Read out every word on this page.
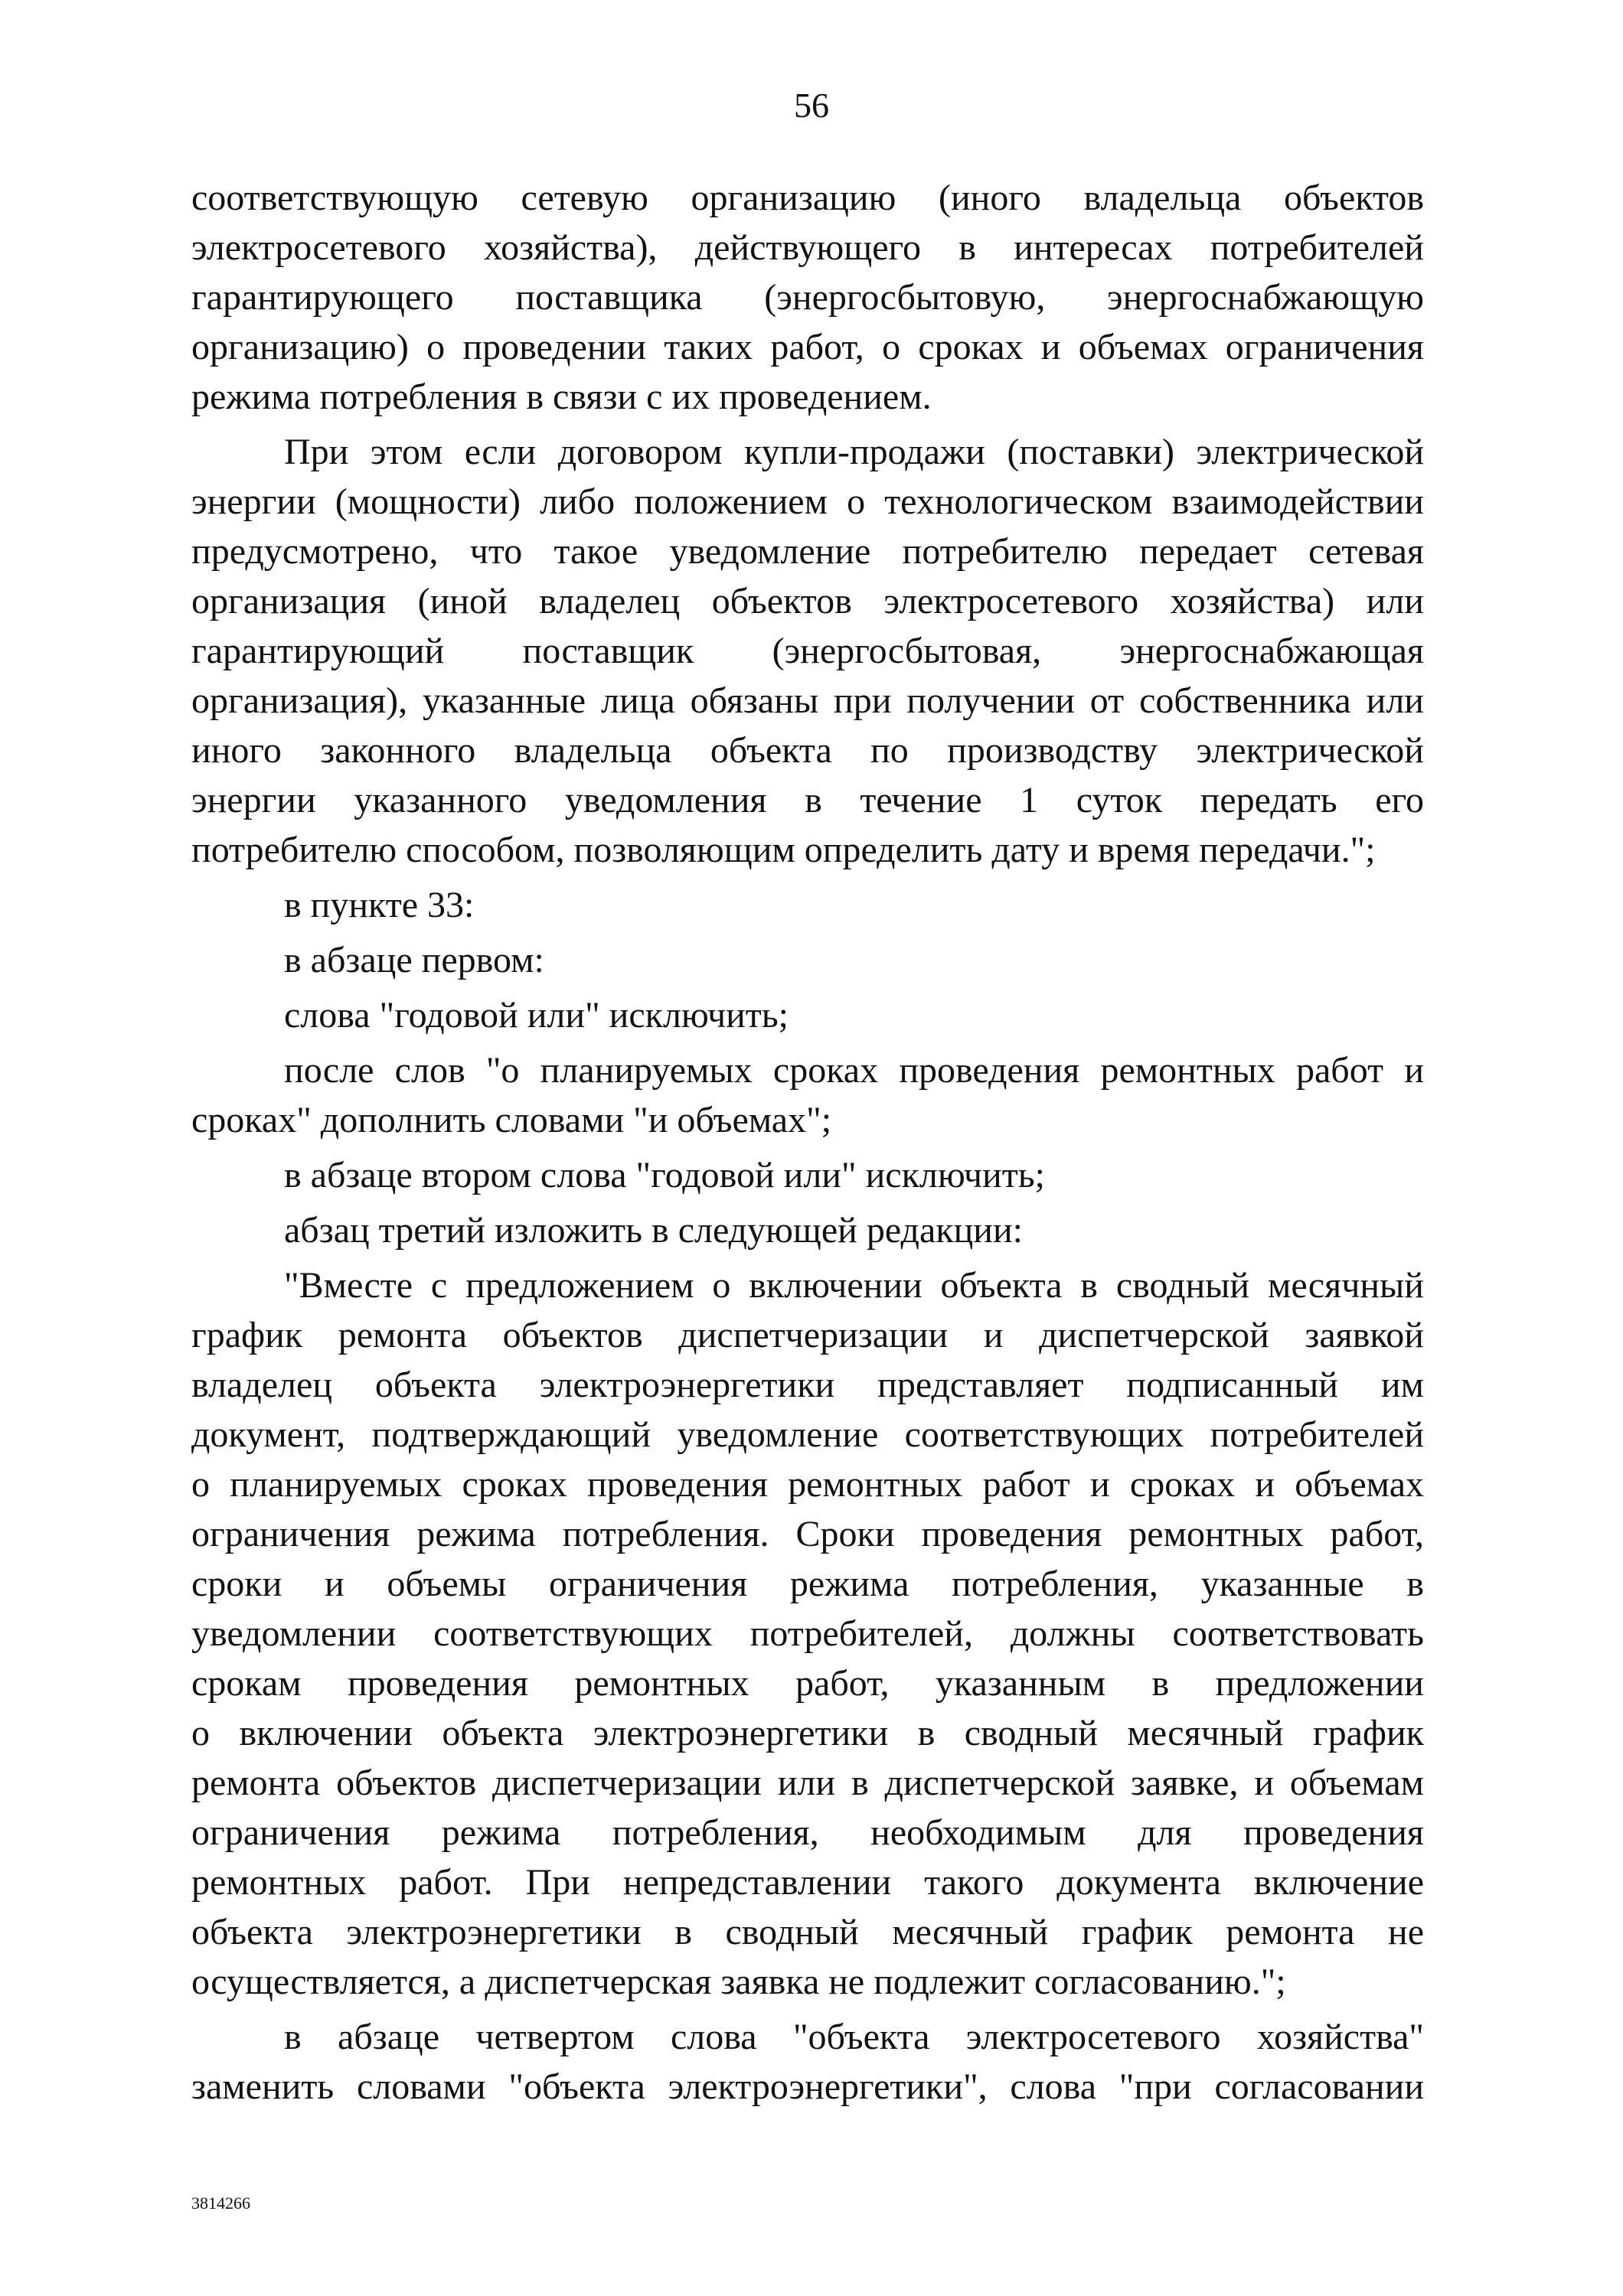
56

соответствующую сетевую организацию (иного владельца объектов
электросетевого хозяйства), действующего в интересах потребителей
гарантирующего поставщика (энергосбытовую, энергоснабжающую
организацию) о проведении таких работ, о сроках и объемах ограничения
режима потребления в связи с их проведением.

При этом если договором купли-продажи (поставки) электрической
энергии (мощности) либо положением о технологическом взаимодействии
предусмотрено, что такое уведомление потребителю передает сетевая
организация (иной владелец объектов электросетевого хозяйства) или
гарантирующий поставщик (энергосбытовая, энергоснабжающая
организация), указанные лица обязаны при получении от собственника или
иного законного владельца объекта по производству электрической
энергии указанного уведомления в течение 1 суток передать его
потребителю способом, позволяющим определить дату и время передачи.";

в пункте 33:

в абзаце первом:

слова "годовой или" исключить;

после слов "о планируемых сроках проведения ремонтных работ и
сроках" дополнить словами "и объемах";

в абзаце втором слова "годовой или" исключить;

абзац третий изложить в следующей редакции:

"Вместе с предложением о включении объекта в сводный месячный
график ремонта объектов диспетчеризации и диспетчерской заявкой
владелец объекта электроэнергетики представляет подписанный им
документ, подтверждающий уведомление соответствующих потребителей
о планируемых сроках проведения ремонтных работ и сроках и объемах
ограничения режима потребления. Сроки проведения ремонтных работ,
сроки и объемы ограничения режима потребления, указанные в
уведомлении соответствующих потребителей, должны соответствовать
срокам проведения ремонтных работ, указанным в предложении
о включении объекта электроэнергетики в сводный месячный график
ремонта объектов диспетчеризации или в диспетчерской заявке, и объемам
ограничения режима потребления, необходимым для проведения
ремонтных работ. При непредставлении такого документа включение
объекта электроэнергетики в сводный месячный график ремонта не
осуществляется, а диспетчерская заявка не подлежит согласованию.";

в абзаце четвертом слова "объекта электросетевого хозяйства"
заменить словами "объекта электроэнергетики", слова "при согласовании

3814266
